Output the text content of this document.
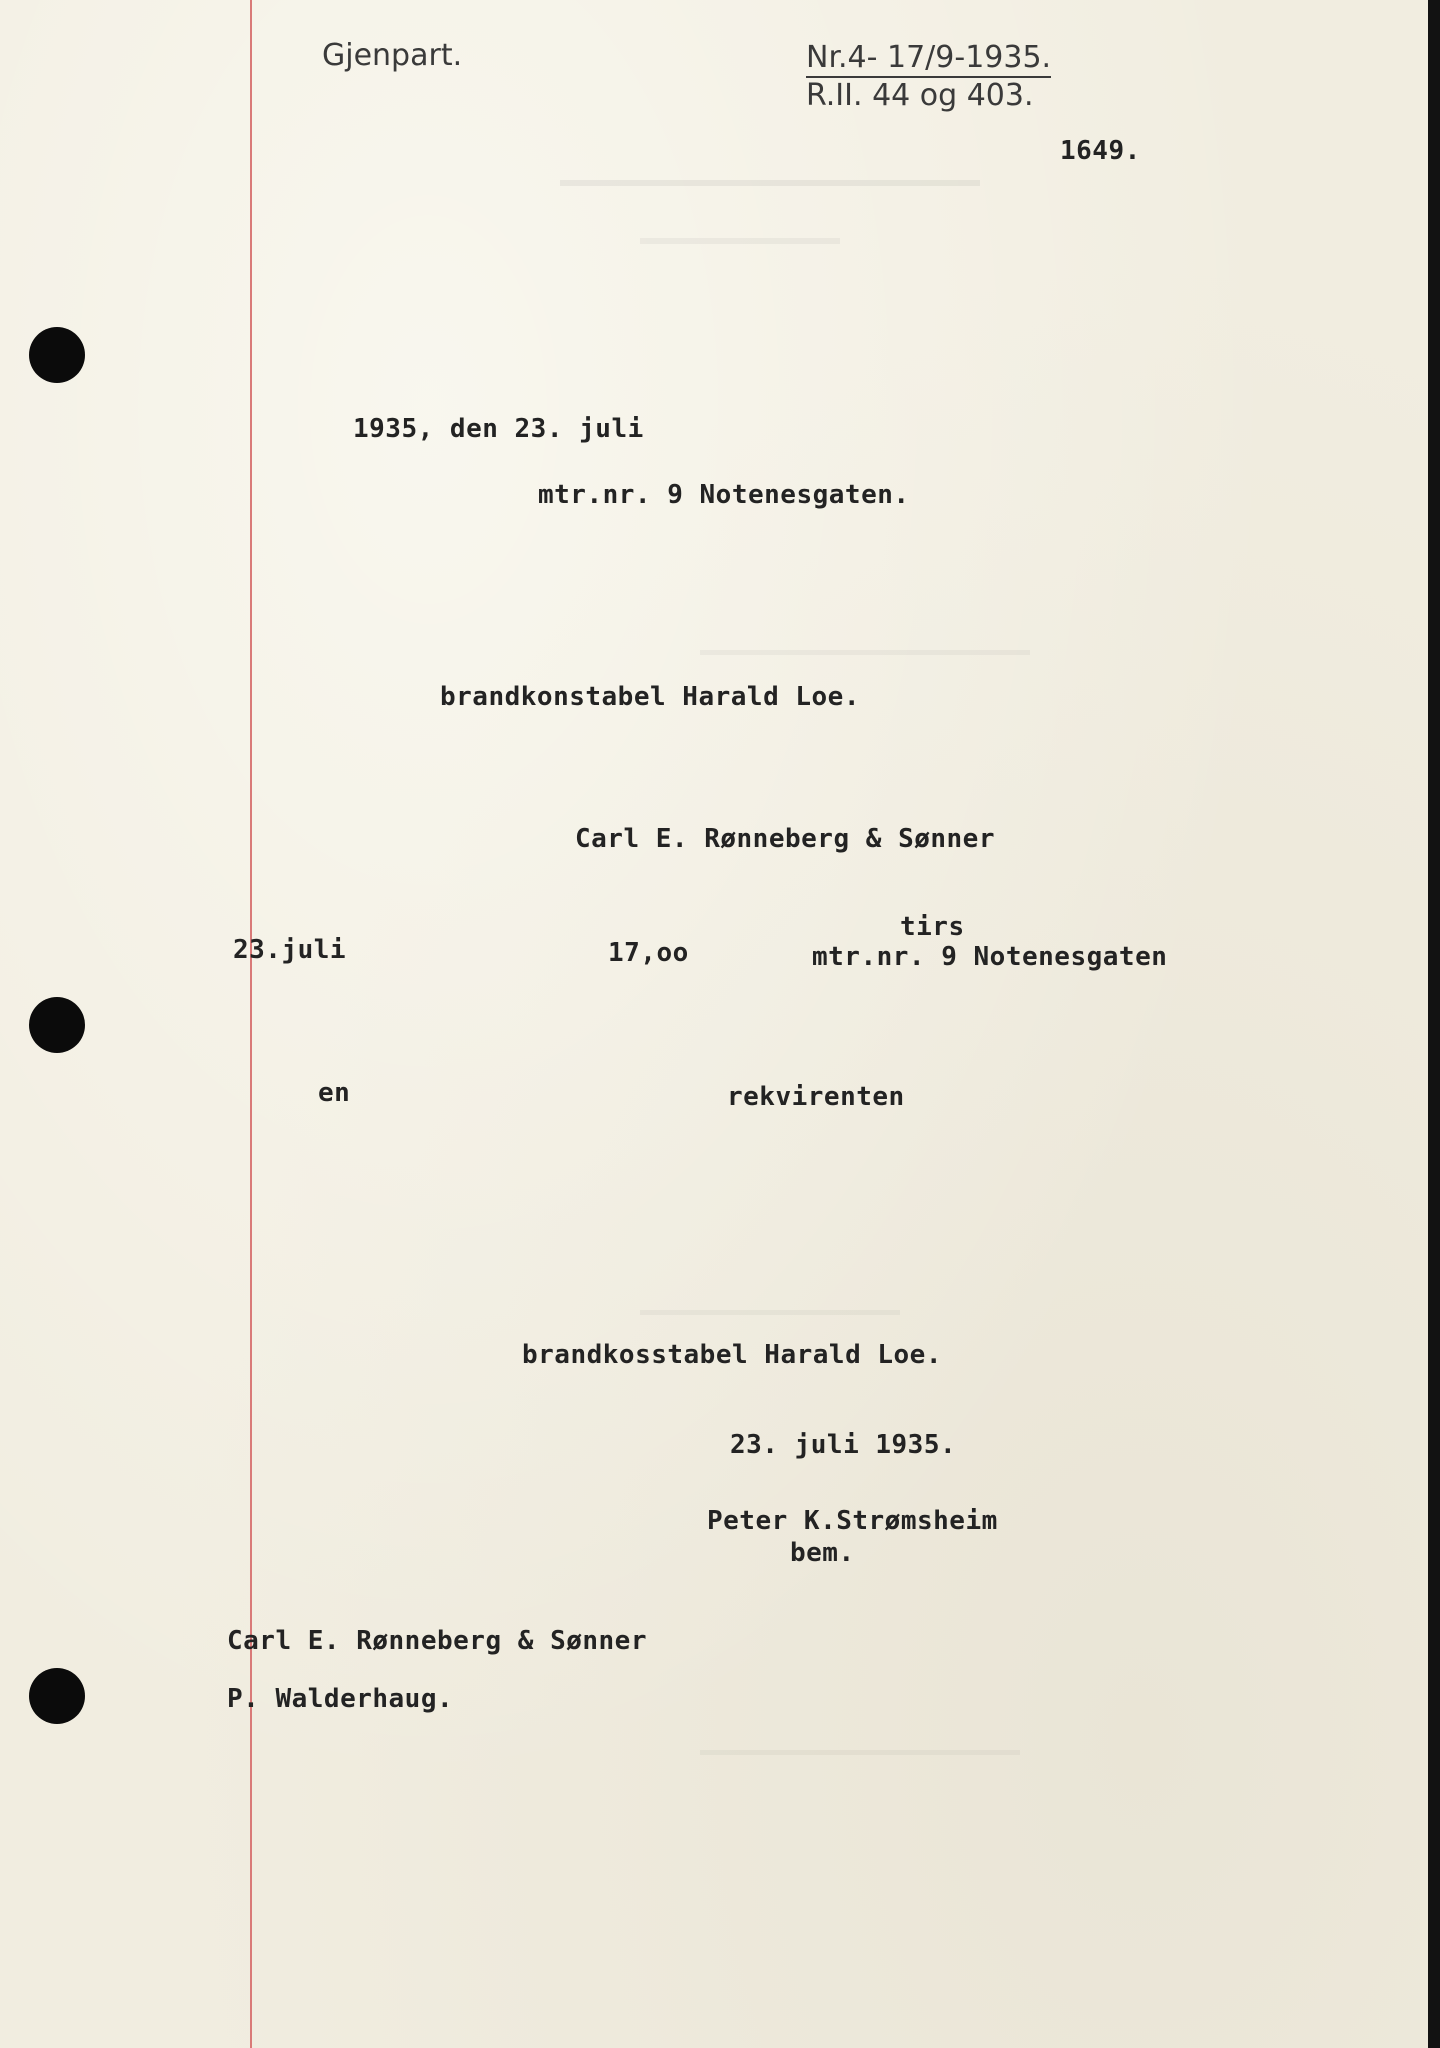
Gjenpart.	Nr.4- 17/9-1935.
R.II. 44 og 403.
1649.
1935, den 23. juli
mtr.nr. 9 Notenesgaten.
brandkonstabel Harald Loe.
Carl E. Rønneberg & Sønner
tirs
23.juli	17,oo	mtr.nr. 9 Notenesgaten
en	rekvirenten
brandkosstabel Harald Loe.
23. juli 1935.
Peter K.Strømsheim
bem.
Carl E. Rønneberg & Sønner
P. Walderhaug.
